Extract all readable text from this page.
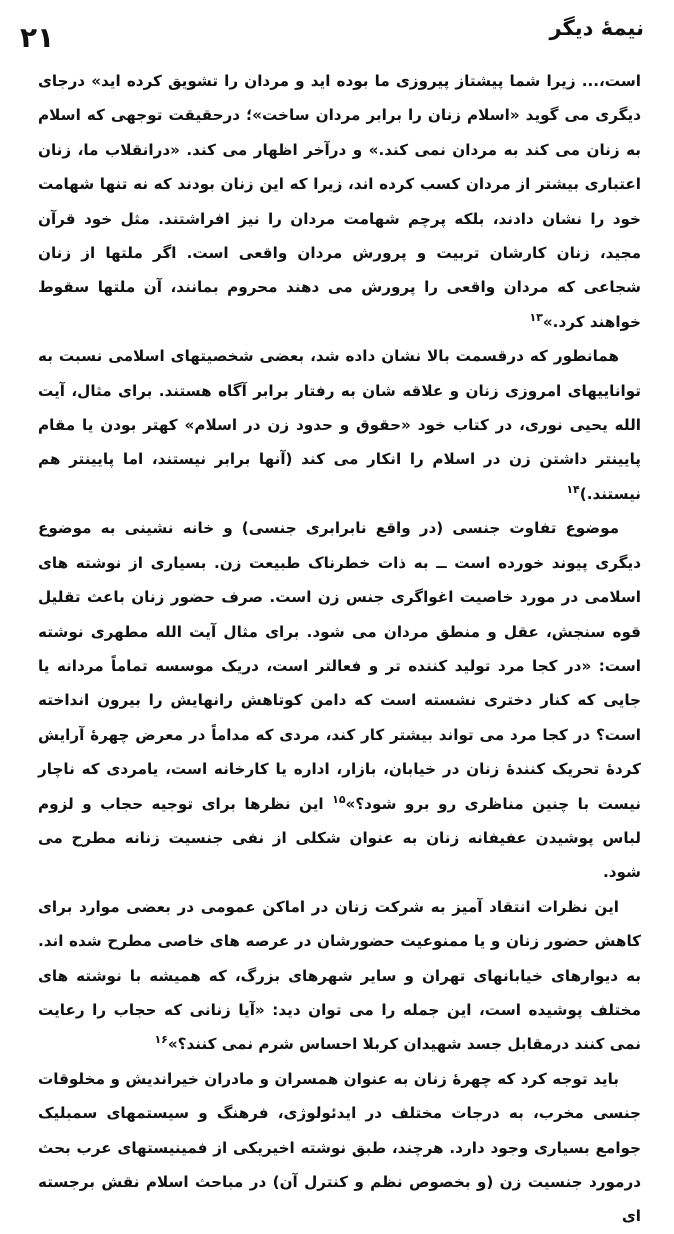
نیمهٔ دیگر
۲۱

است،... زیرا شما پیشتاز پیروزی ما بوده اید و مردان را تشویق کرده اید» درجای دیگری می گوید «اسلام زنان را برابر مردان ساخت»؛ درحقیقت توجهی که اسلام به زنان می کند به مردان نمی کند.» و درآخر اظهار می کند. «درانقلاب ما، زنان اعتباری بیشتر از مردان کسب کرده اند، زیرا که این زنان بودند که نه تنها شهامت خود را نشان دادند، بلکه پرچم شهامت مردان را نیز افراشتند. مثل خود قرآن مجید، زنان کارشان تربیت و پرورش مردان واقعی است. اگر ملتها از زنان شجاعی که مردان واقعی را پرورش می دهند محروم بمانند، آن ملتها سقوط خواهند کرد.»$^{۱۳}$

همانطور که درقسمت بالا نشان داده شد، بعضی شخصیتهای اسلامی نسبت به تواناییهای امروزی زنان و علاقه شان به رفتار برابر آگاه هستند. برای مثال، آیت الله یحیی نوری، در کتاب خود «حقوق و حدود زن در اسلام» کهتر بودن یا مقام پایینتر داشتن زن در اسلام را انکار می کند (آنها برابر نیستند، اما پایینتر هم نیستند.)$^{۱۴}$

موضوع تفاوت جنسی (در واقع نابرابری جنسی) و خانه نشینی به موضوع دیگری پیوند خورده است ــ به ذات خطرناک طبیعت زن. بسیاری از نوشته های اسلامی در مورد خاصیت اغواگری جنس زن است. صرف حضور زنان باعث تقلیل قوه سنجش، عقل و منطق مردان می شود. برای مثال آیت الله مطهری نوشته است: «در کجا مرد تولید کننده تر و فعالتر است، دریک موسسه تماماً مردانه یا جایی که کنار دختری نشسته است که دامن کوتاهش رانهایش را بیرون انداخته است؟ در کجا مرد می تواند بیشتر کار کند، مردی که مداماً در معرض چهرهٔ آرایش کردهٔ تحریک کنندهٔ زنان در خیابان، بازار، اداره یا کارخانه است، یامردی که ناچار نیست با چنین مناظری رو برو شود؟»$^{۱۵}$ این نظرها برای توجیه حجاب و لزوم لباس پوشیدن عفیفانه زنان به عنوان شکلی از نفی جنسیت زنانه مطرح می شود.

این نظرات انتقاد آمیز به شرکت زنان در اماکن عمومی در بعضی موارد برای کاهش حضور زنان و یا ممنوعیت حضورشان در عرصه های خاصی مطرح شده اند. به دیوارهای خیابانهای تهران و سایر شهرهای بزرگ، که همیشه با نوشته های مختلف پوشیده است، این جمله را می توان دید: «آیا زنانی که حجاب را رعایت نمی کنند درمقابل جسد شهیدان کربلا احساس شرم نمی کنند؟»$^{۱۶}$

باید توجه کرد که چهرهٔ زنان به عنوان همسران و مادران خیراندیش و مخلوقات جنسی مخرب، به درجات مختلف در ایدئولوژی، فرهنگ و سیستمهای سمبلیک جوامع بسیاری وجود دارد. هرچند، طبق نوشته اخیریکی از فمینیستهای عرب بحث درمورد جنسیت زن (و بخصوص نظم و کنترل آن) در مباحث اسلام نقش برجسته ای
